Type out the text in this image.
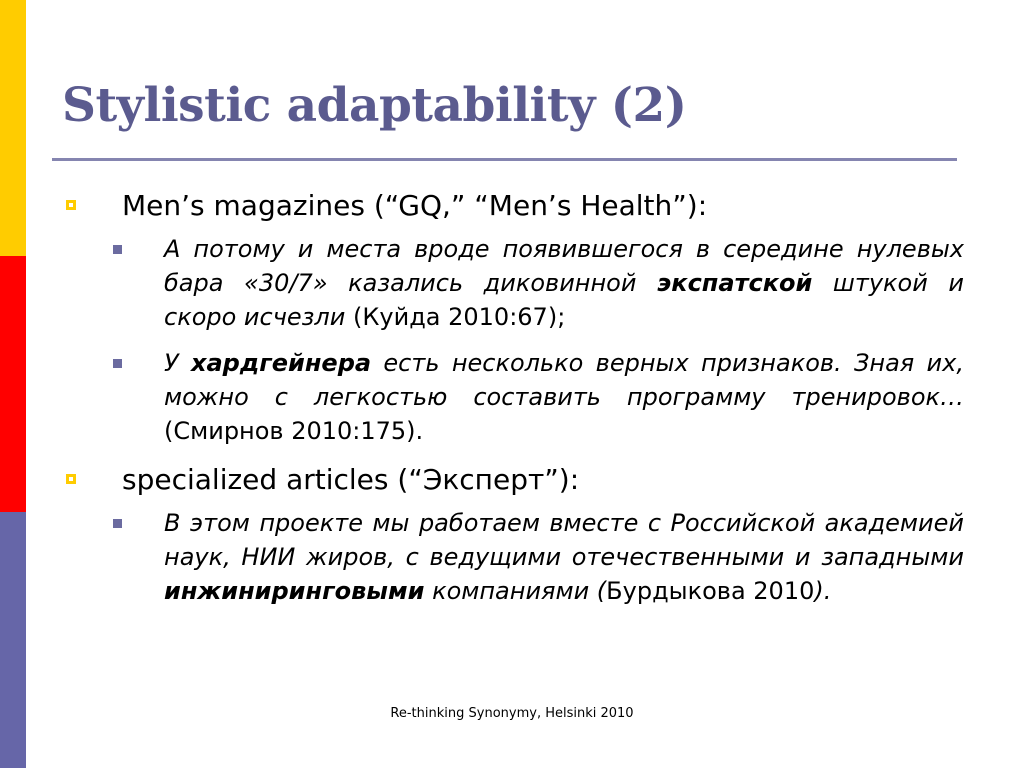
Stylistic adaptability (2)
Men’s magazines (“GQ,” “Men’s Health”):

А потому и места вроде появившегося в середине нулевых бара «30/7» казались диковинной экспатской штукой и скоро исчезли (Куйда 2010:67);

У хардгейнера есть несколько верных признаков. Зная их, можно с легкостью составить программу тренировок… (Смирнов 2010:175).

specialized articles (“Эксперт”):

В этом проекте мы работаем вместе с Российской академией наук, НИИ жиров, с ведущими отечественными и западными инжиниринговыми компаниями (Бурдыкова 2010).

Re-thinking Synonymy, Helsinki 2010
